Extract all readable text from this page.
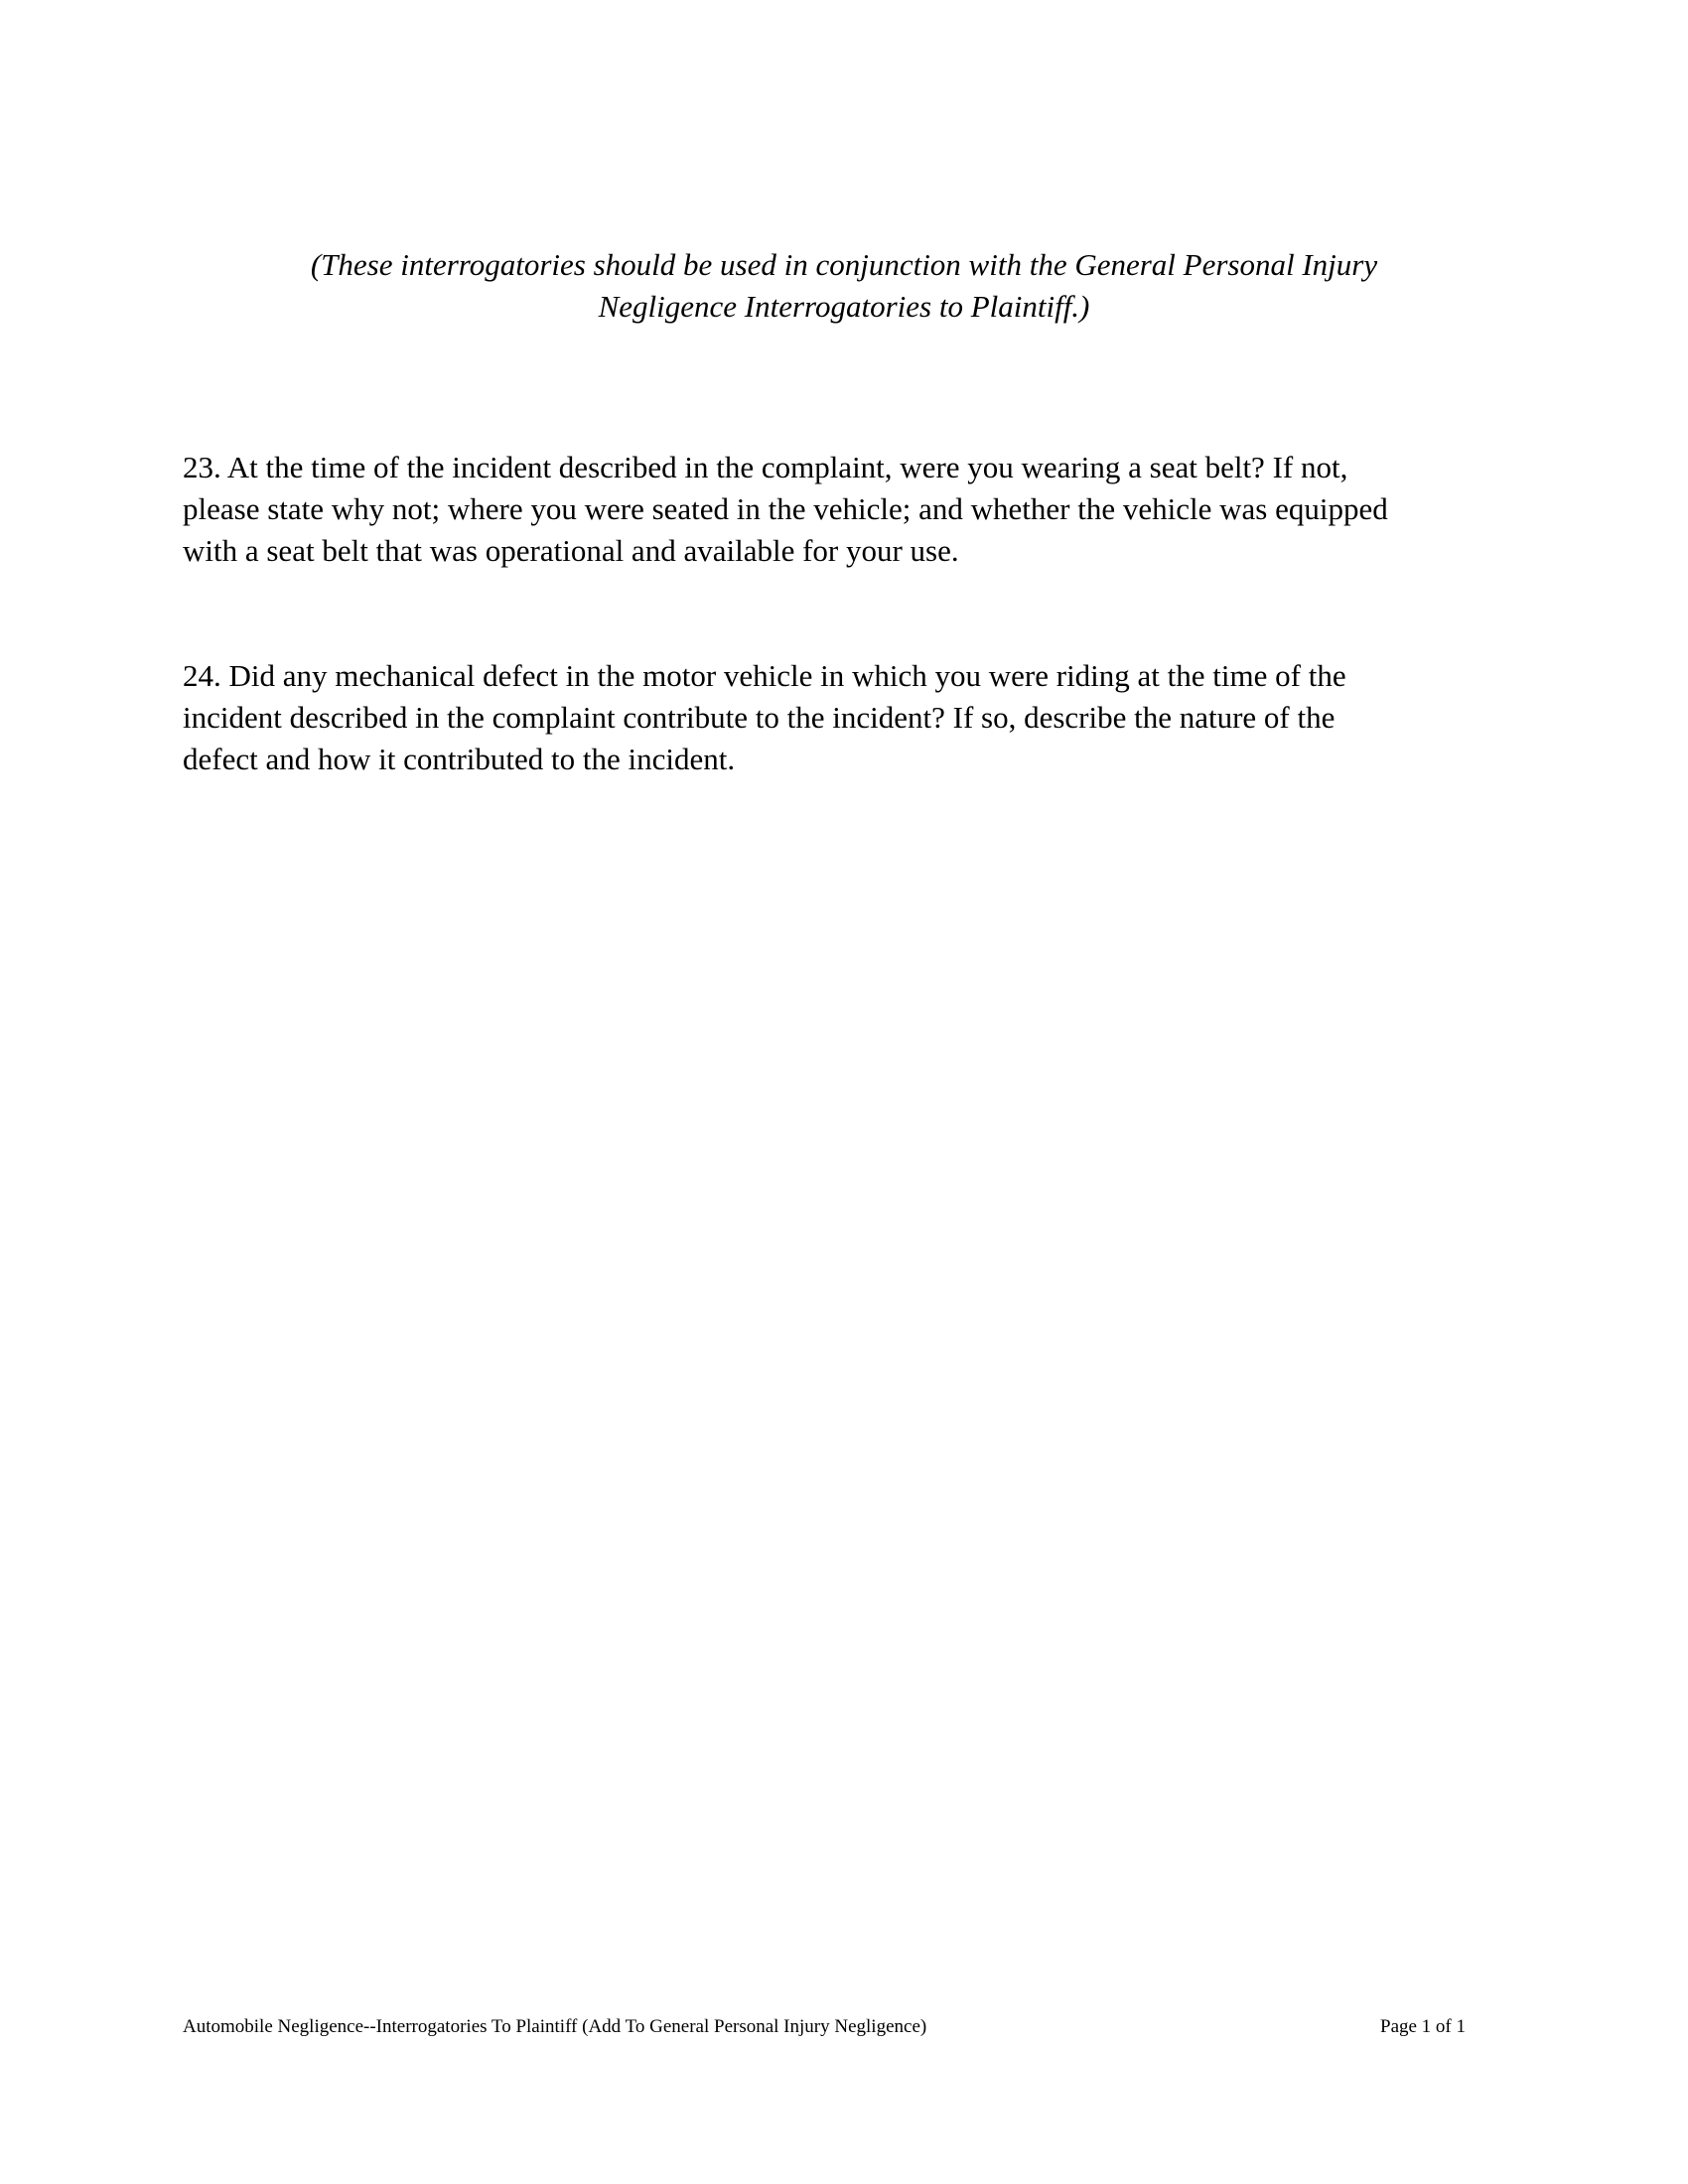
(These interrogatories should be used in conjunction with the General Personal Injury
Negligence Interrogatories to Plaintiff.)
23. At the time of the incident described in the complaint, were you wearing a seat belt? If not,
please state why not; where you were seated in the vehicle; and whether the vehicle was equipped
with a seat belt that was operational and available for your use.
24. Did any mechanical defect in the motor vehicle in which you were riding at the time of the
incident described in the complaint contribute to the incident? If so, describe the nature of the
defect and how it contributed to the incident.
Automobile Negligence--Interrogatories To Plaintiff (Add To General Personal Injury Negligence)	Page 1 of 1
